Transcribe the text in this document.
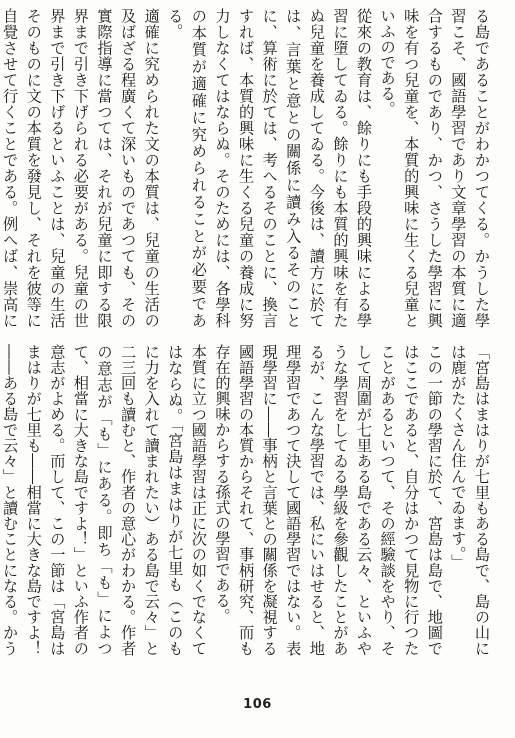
る島であることがわかつてくる。かうした學習こそ、國語學習であり文章學習の本質に適合するものであり、かつ、さうした學習に興味を有つ兒童を、本質的興味に生くる兒童といふのである。

從來の教育は、餘りにも手段的興味による學習に墮してゐる。餘りにも本質的興味を有たぬ兒童を養成してゐる。今後は、讀方に於ては、言葉と意との關係に讀み入るそのことに、算術に於ては、考へるそのことに、換言すれば、本質的興味に生くる兒童の養成に努力しなくてはならぬ。そのためには、各學科の本質が適確に究められることが必要である。

適確に究められた文の本質は、兒童の生活の及ばざる程廣くて深いものであつても、その實際指導に當つては、それが兒童に即する限界まで引き下げられる必要がある。兒童の世界まで引き下げるといふことは、兒童の生活そのものに文の本質を發見し、それを彼等に自覺させて行くことである。例へば、崇高に

「宮島はまはりが七里もある島で、島の山には鹿がたくさん住んでゐます。」

この一節の學習に於て、宮島は島で、地圖ではここであると、自分はかつて見物に行つたことがあるといつて、その經驗談をやり、そして周圍が七里ある島である云々、といふやうな學習をしてゐる學級を參觀したことがあるが、こんな學習では、私にいはせると、地理學習であつて決して國語學習ではない。表現學習に――事柄と言葉との關係を凝視する國語學習の本質からそれて、事柄研究、而も存在的興味からする孫式の學習である。

本質に立つ國語學習は正に次の如くでなくてはならぬ。「宮島はまはりが七里も（このもに力を入れて讀まれたい）ある島で云々」と二三回も讀むと、作者の意心がわかる。作者の意志が「も」にある。即ち「も」によつて、相當に大きな島ですよ！」といふ作者の意志がよめる。而して、この一節は「宮島はまはりが七里も――相當に大きな島ですよ！――ある島で云々」と讀むことになる。かう

106
